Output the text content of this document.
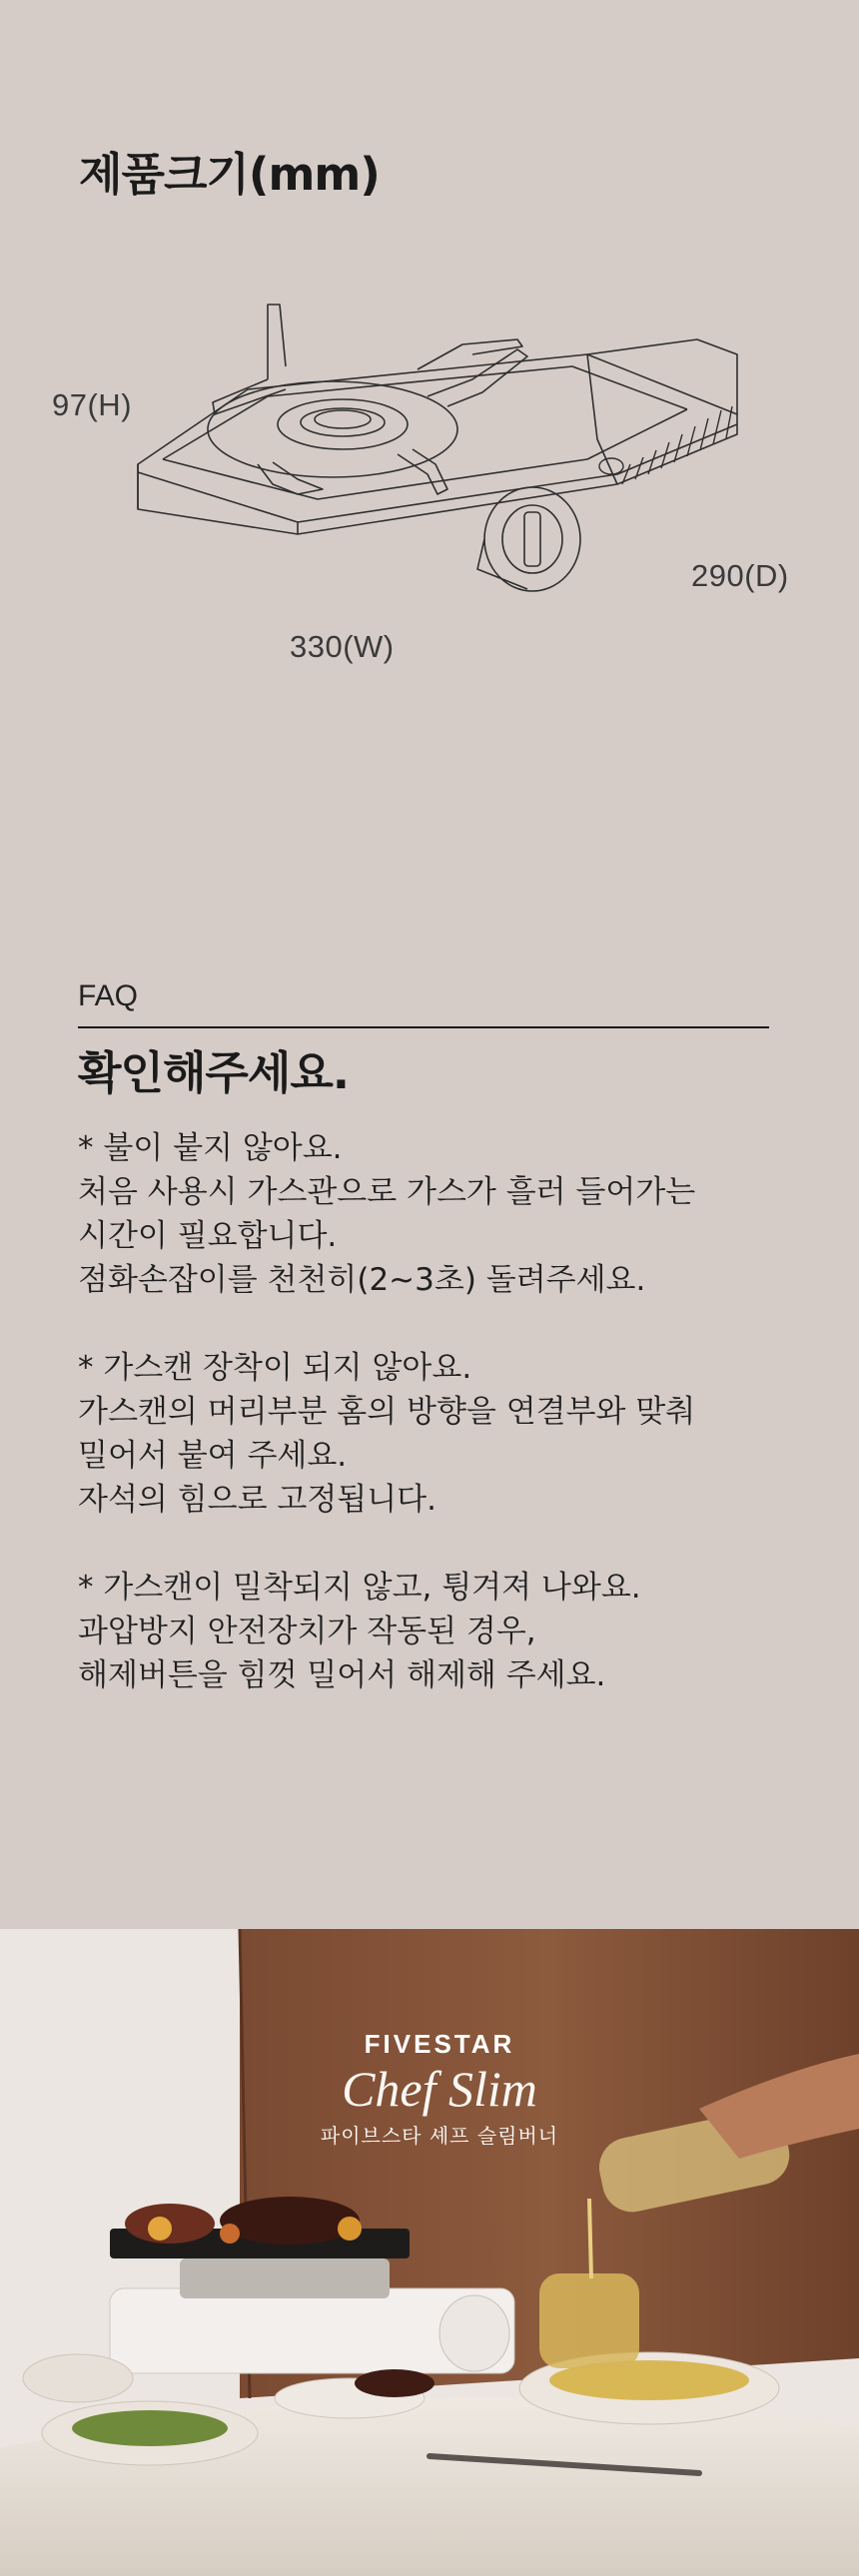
제품크기(mm)
97(H)
290(D)
330(W)
FAQ
확인해주세요.

* 불이 붙지 않아요.

처음 사용시 가스관으로 가스가 흘러 들어가는

시간이 필요합니다.

점화손잡이를 천천히(2~3초) 돌려주세요.

* 가스캔 장착이 되지 않아요.

가스캔의 머리부분 홈의 방향을 연결부와 맞춰

밀어서 붙여 주세요.

자석의 힘으로 고정됩니다.

* 가스캔이 밀착되지 않고, 튕겨져 나와요.

과압방지 안전장치가 작동된 경우,

해제버튼을 힘껏 밀어서 해제해 주세요.

FIVESTAR
Chef Slim
파이브스타 셰프 슬림버너
